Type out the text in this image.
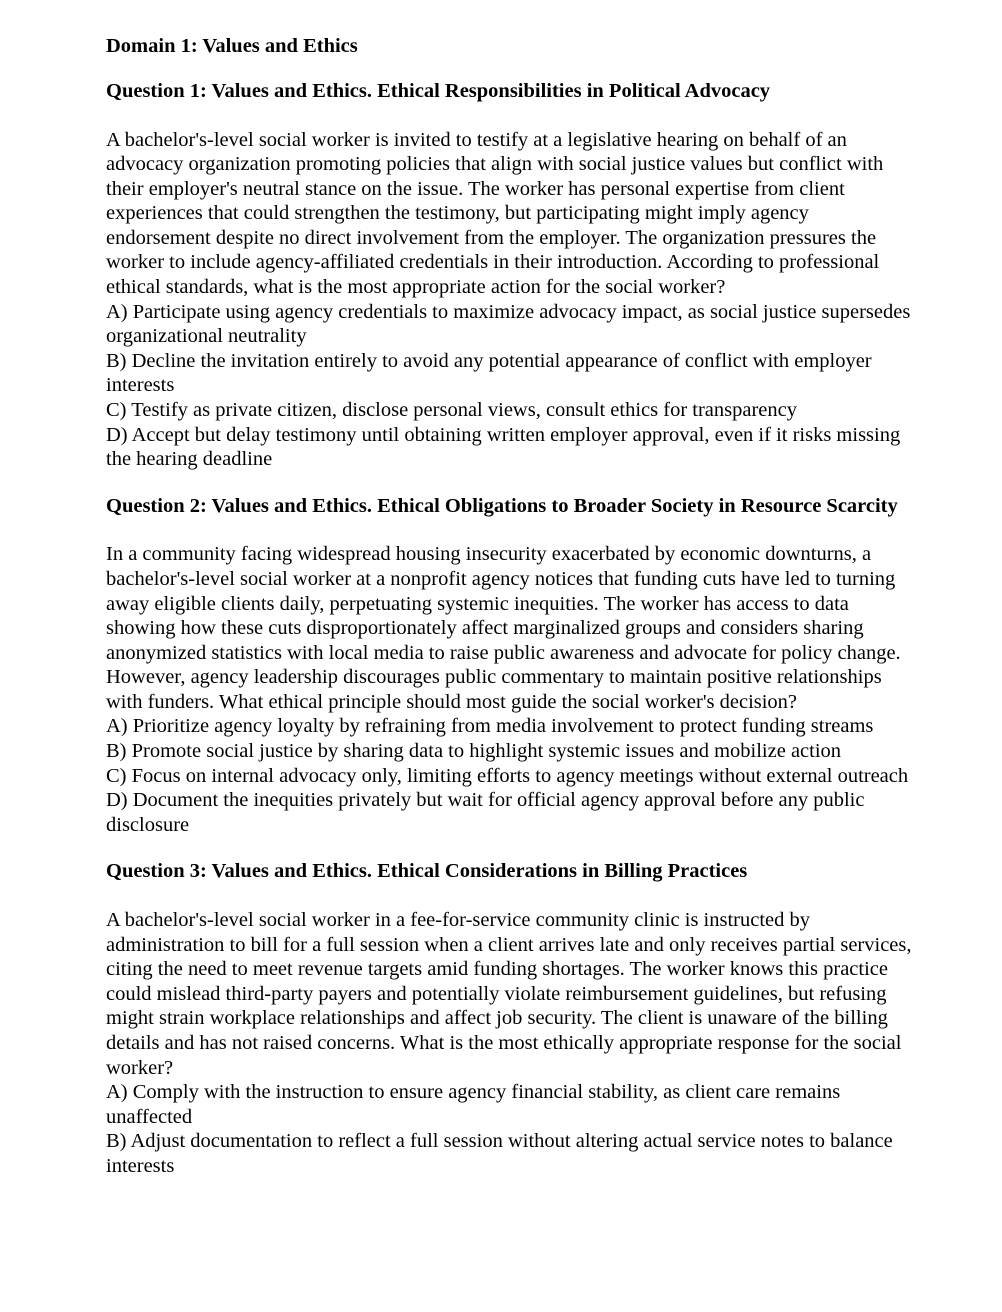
Domain 1: Values and Ethics
Question 1: Values and Ethics. Ethical Responsibilities in Political Advocacy

A bachelor's-level social worker is invited to testify at a legislative hearing on behalf of an advocacy organization promoting policies that align with social justice values but conflict with their employer's neutral stance on the issue. The worker has personal expertise from client experiences that could strengthen the testimony, but participating might imply agency endorsement despite no direct involvement from the employer. The organization pressures the worker to include agency-affiliated credentials in their introduction. According to professional ethical standards, what is the most appropriate action for the social worker?

A) Participate using agency credentials to maximize advocacy impact, as social justice supersedes organizational neutrality

B) Decline the invitation entirely to avoid any potential appearance of conflict with employer interests

C) Testify as private citizen, disclose personal views, consult ethics for transparency

D) Accept but delay testimony until obtaining written employer approval, even if it risks missing the hearing deadline

Question 2: Values and Ethics. Ethical Obligations to Broader Society in Resource Scarcity

In a community facing widespread housing insecurity exacerbated by economic downturns, a bachelor's-level social worker at a nonprofit agency notices that funding cuts have led to turning away eligible clients daily, perpetuating systemic inequities. The worker has access to data showing how these cuts disproportionately affect marginalized groups and considers sharing anonymized statistics with local media to raise public awareness and advocate for policy change. However, agency leadership discourages public commentary to maintain positive relationships with funders. What ethical principle should most guide the social worker's decision?

A) Prioritize agency loyalty by refraining from media involvement to protect funding streams

B) Promote social justice by sharing data to highlight systemic issues and mobilize action

C) Focus on internal advocacy only, limiting efforts to agency meetings without external outreach

D) Document the inequities privately but wait for official agency approval before any public disclosure

Question 3: Values and Ethics. Ethical Considerations in Billing Practices

A bachelor's-level social worker in a fee-for-service community clinic is instructed by administration to bill for a full session when a client arrives late and only receives partial services, citing the need to meet revenue targets amid funding shortages. The worker knows this practice could mislead third-party payers and potentially violate reimbursement guidelines, but refusing might strain workplace relationships and affect job security. The client is unaware of the billing details and has not raised concerns. What is the most ethically appropriate response for the social worker?

A) Comply with the instruction to ensure agency financial stability, as client care remains unaffected

B) Adjust documentation to reflect a full session without altering actual service notes to balance interests
